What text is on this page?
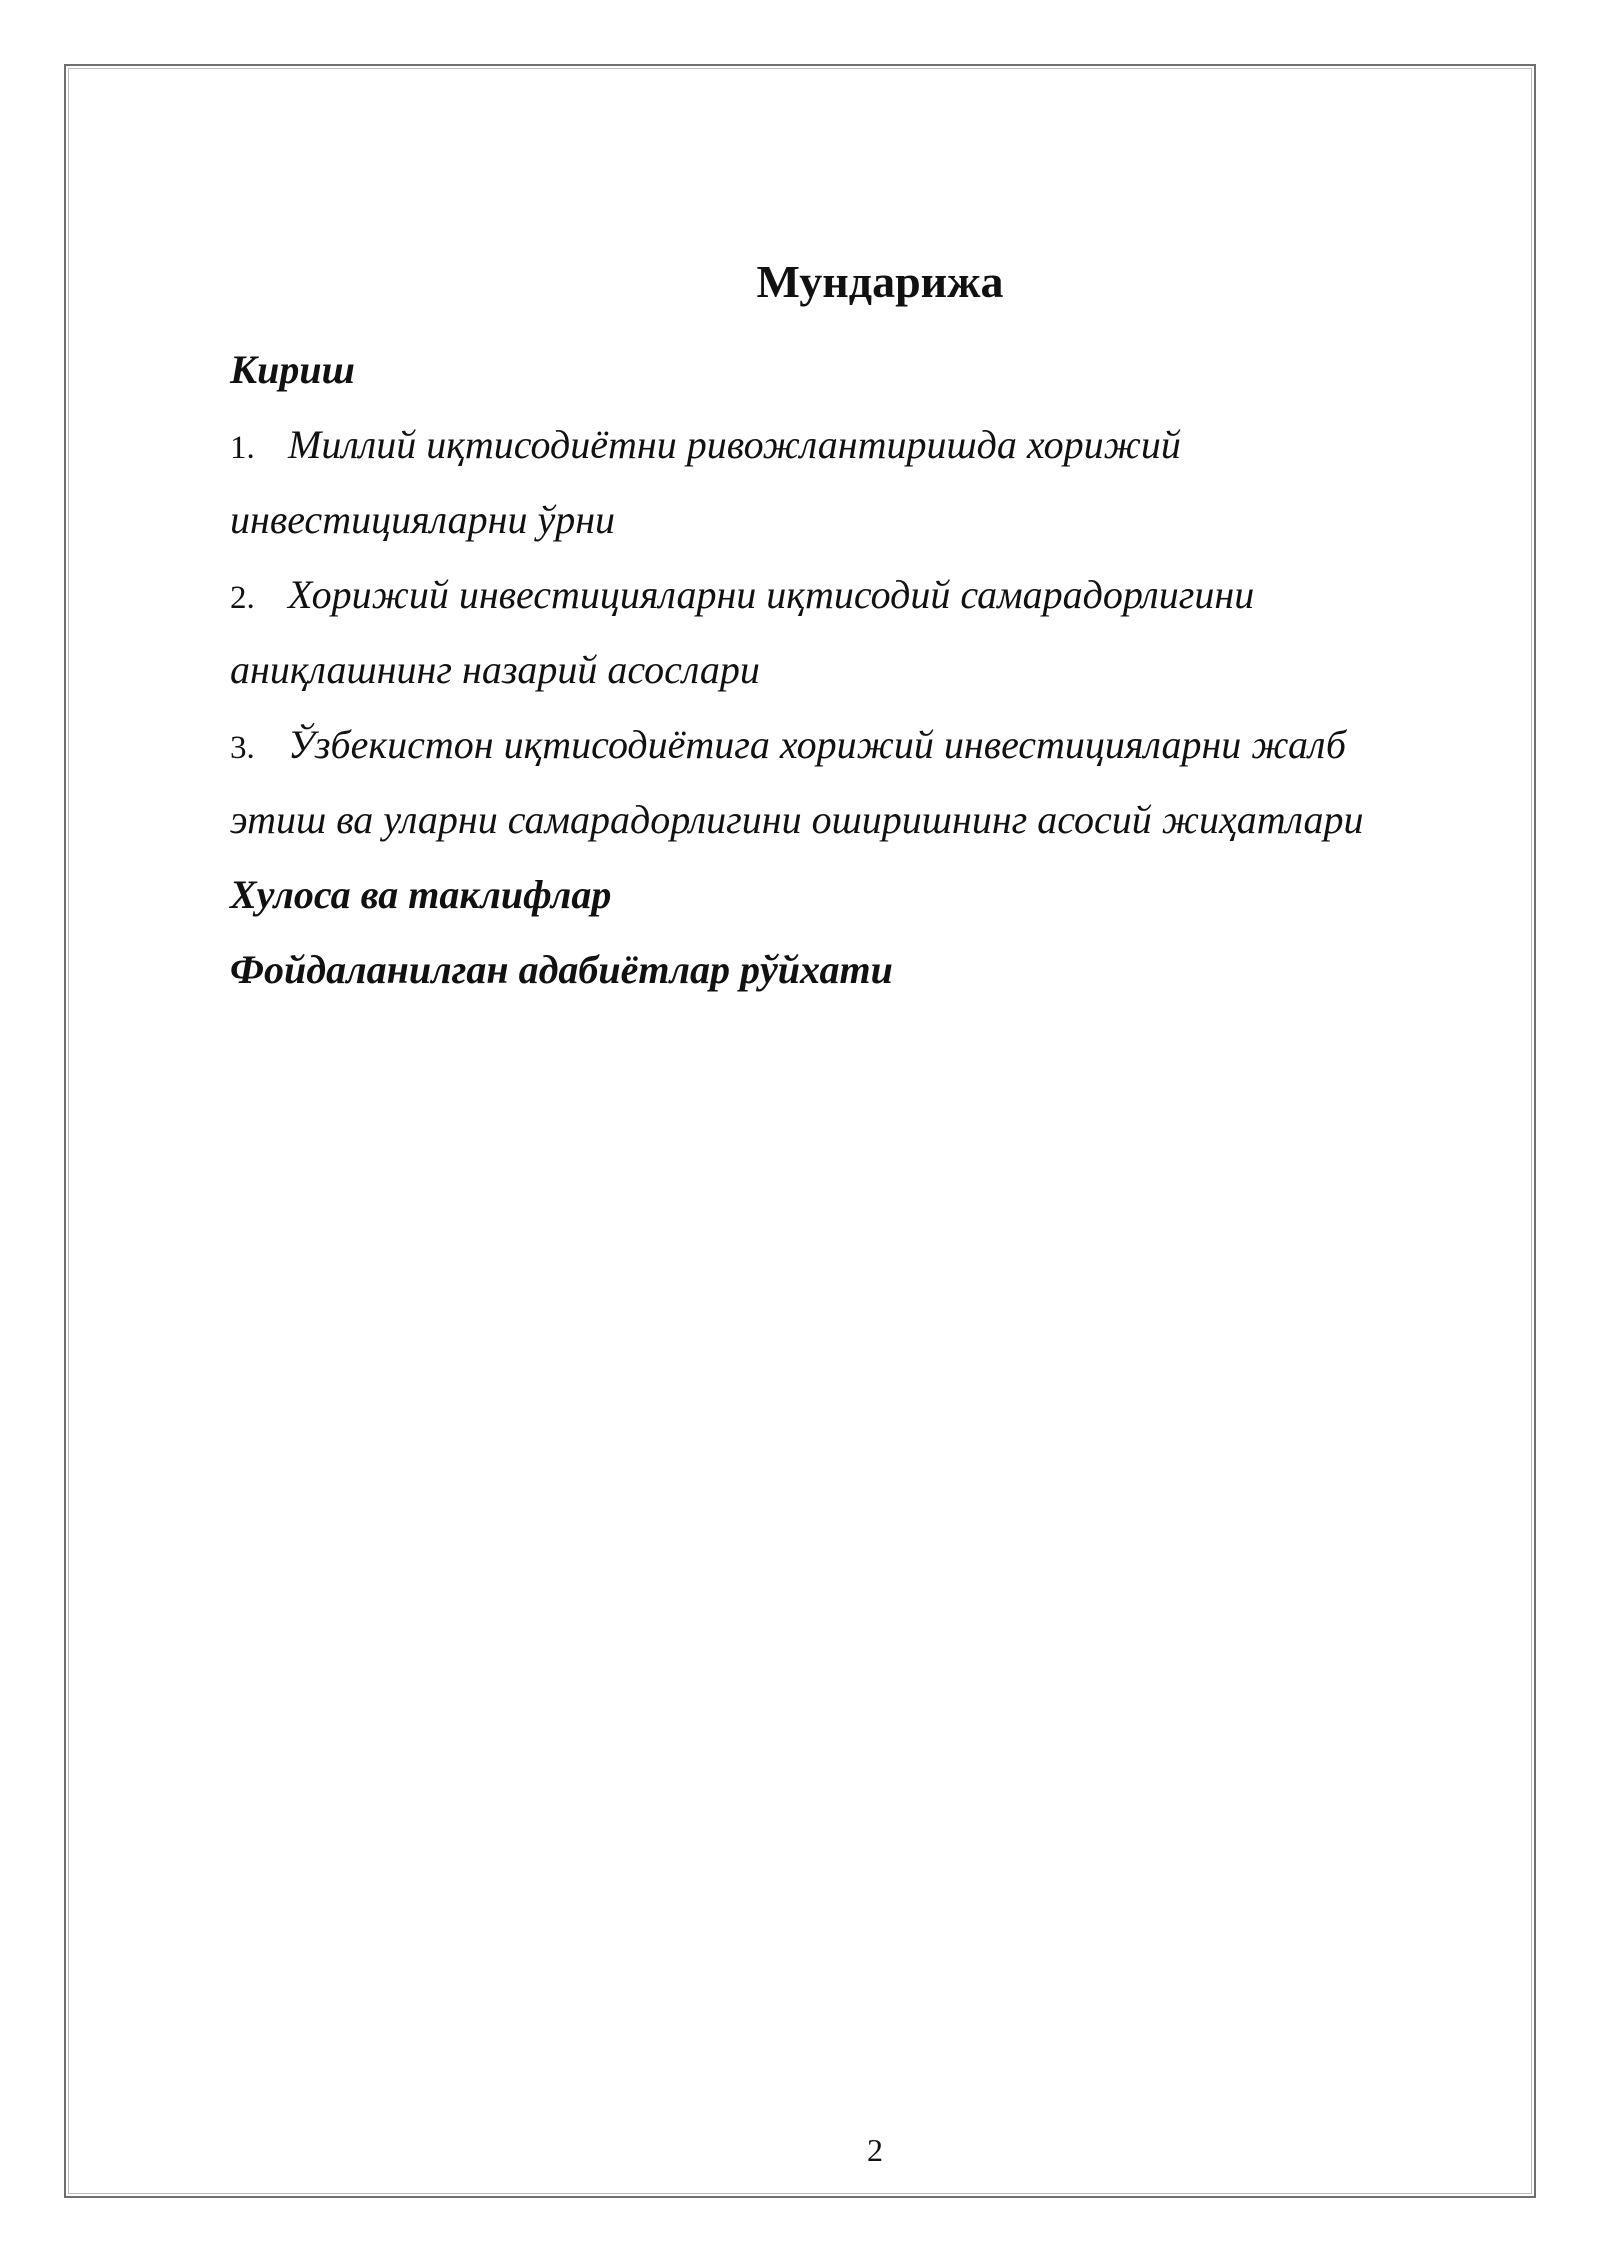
Мундарижа
Кириш
1. Миллий иқтисодиётни ривожлантиришда хорижий
инвестицияларни ўрни
2. Хорижий инвестицияларни иқтисодий самарадорлигини
аниқлашнинг назарий асослари
3. Ўзбекистон иқтисодиётига хорижий инвестицияларни жалб
этиш ва уларни самарадорлигини оширишнинг асосий жиҳатлари
Хулоса ва таклифлар
Фойдаланилган адабиётлар рўйхати
2
